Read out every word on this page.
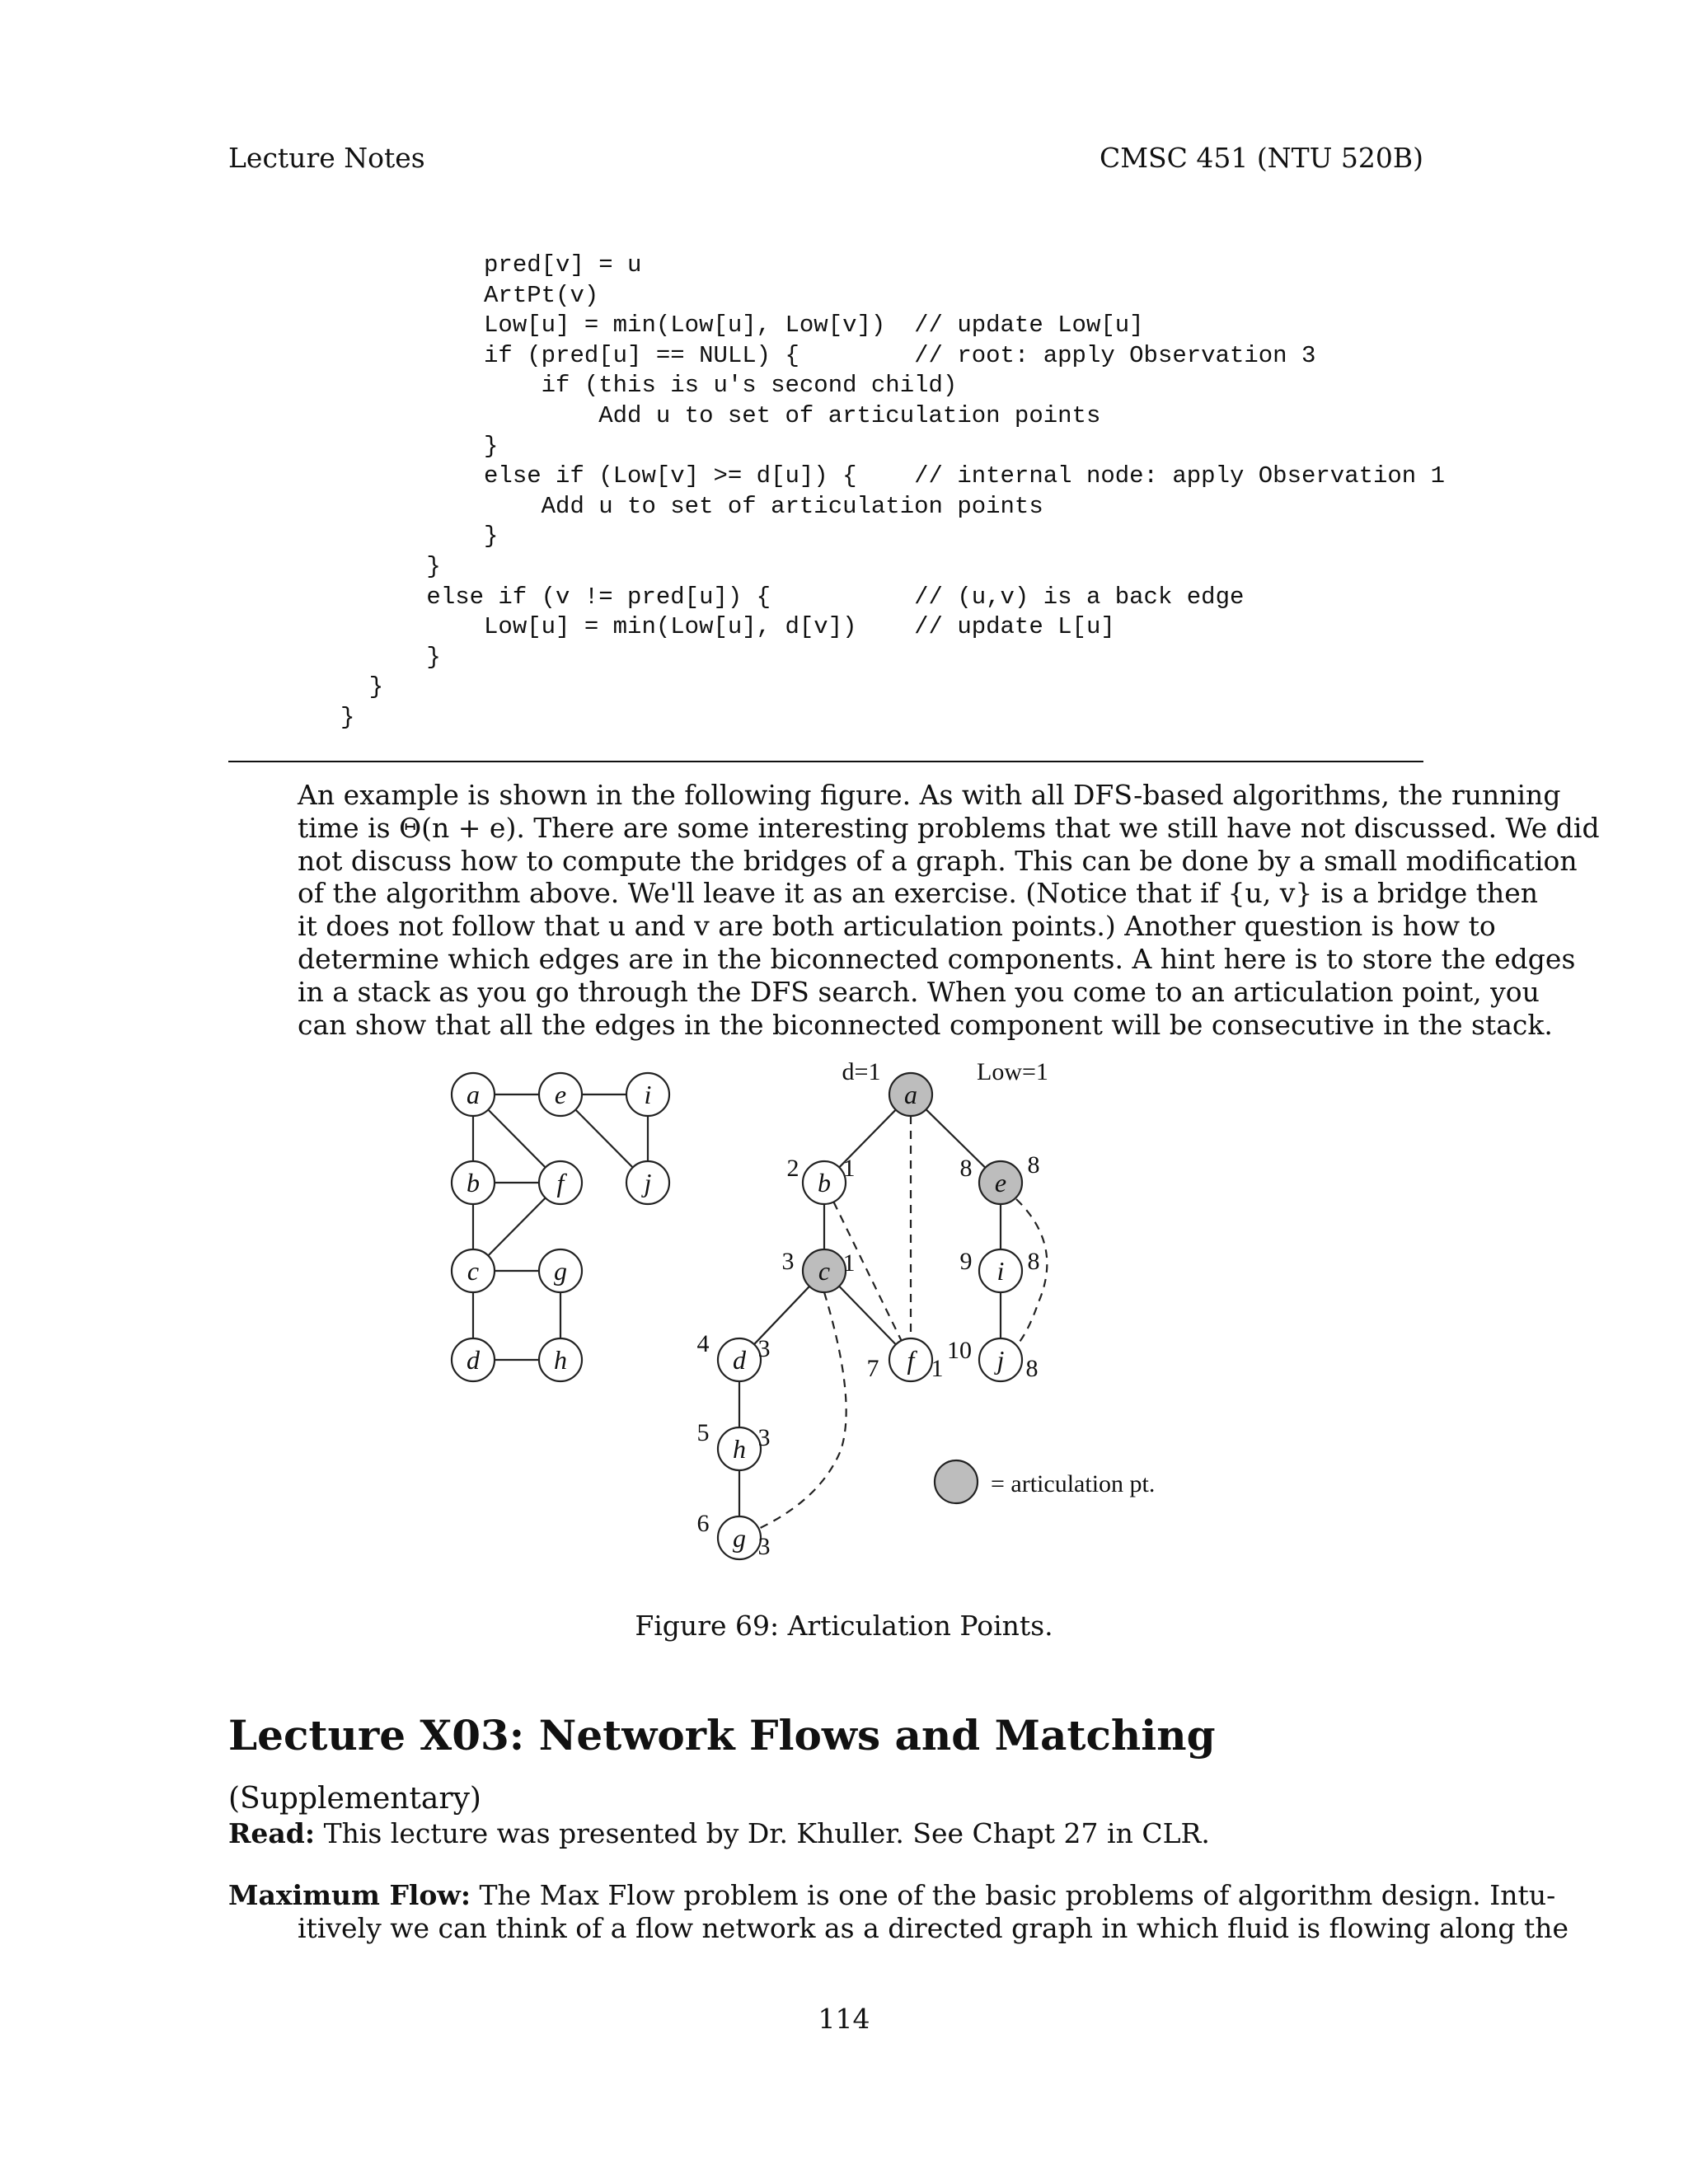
Lecture Notes	CMSC 451 (NTU 520B)
pred[v] = u
ArtPt(v)
Low[u] = min(Low[u], Low[v])  // update Low[u]
if (pred[u] == NULL) {        // root: apply Observation 3
if (this is u's second child)
Add u to set of articulation points
}
else if (Low[v] >= d[u]) {    // internal node: apply Observation 1
Add u to set of articulation points
}
}
else if (v != pred[u]) {          // (u,v) is a back edge
Low[u] = min(Low[u], d[v])    // update L[u]
}
}
}
An example is shown in the following figure. As with all DFS-based algorithms, the running
time is Θ(n + e). There are some interesting problems that we still have not discussed. We did
not discuss how to compute the bridges of a graph. This can be done by a small modification
of the algorithm above. We'll leave it as an exercise. (Notice that if {u, v} is a bridge then
it does not follow that u and v are both articulation points.) Another question is how to
determine which edges are in the biconnected components. A hint here is to store the edges
in a stack as you go through the DFS search. When you come to an articulation point, you
can show that all the edges in the biconnected component will be consecutive in the stack.
a	e	i
b	f	j
c	g
d	h
a
b
2 1	e
8 8
c
3 1	i
9 8
d
4 3	f
7 1 j
10
8
h
5 3
g
6
3
d=1	Low=1
= articulation pt.
Figure 69: Articulation Points.
Lecture X03: Network Flows and Matching
(Supplementary)
Read: This lecture was presented by Dr. Khuller. See Chapt 27 in CLR.
Maximum Flow: The Max Flow problem is one of the basic problems of algorithm design. Intu-
itively we can think of a flow network as a directed graph in which fluid is flowing along the
114
